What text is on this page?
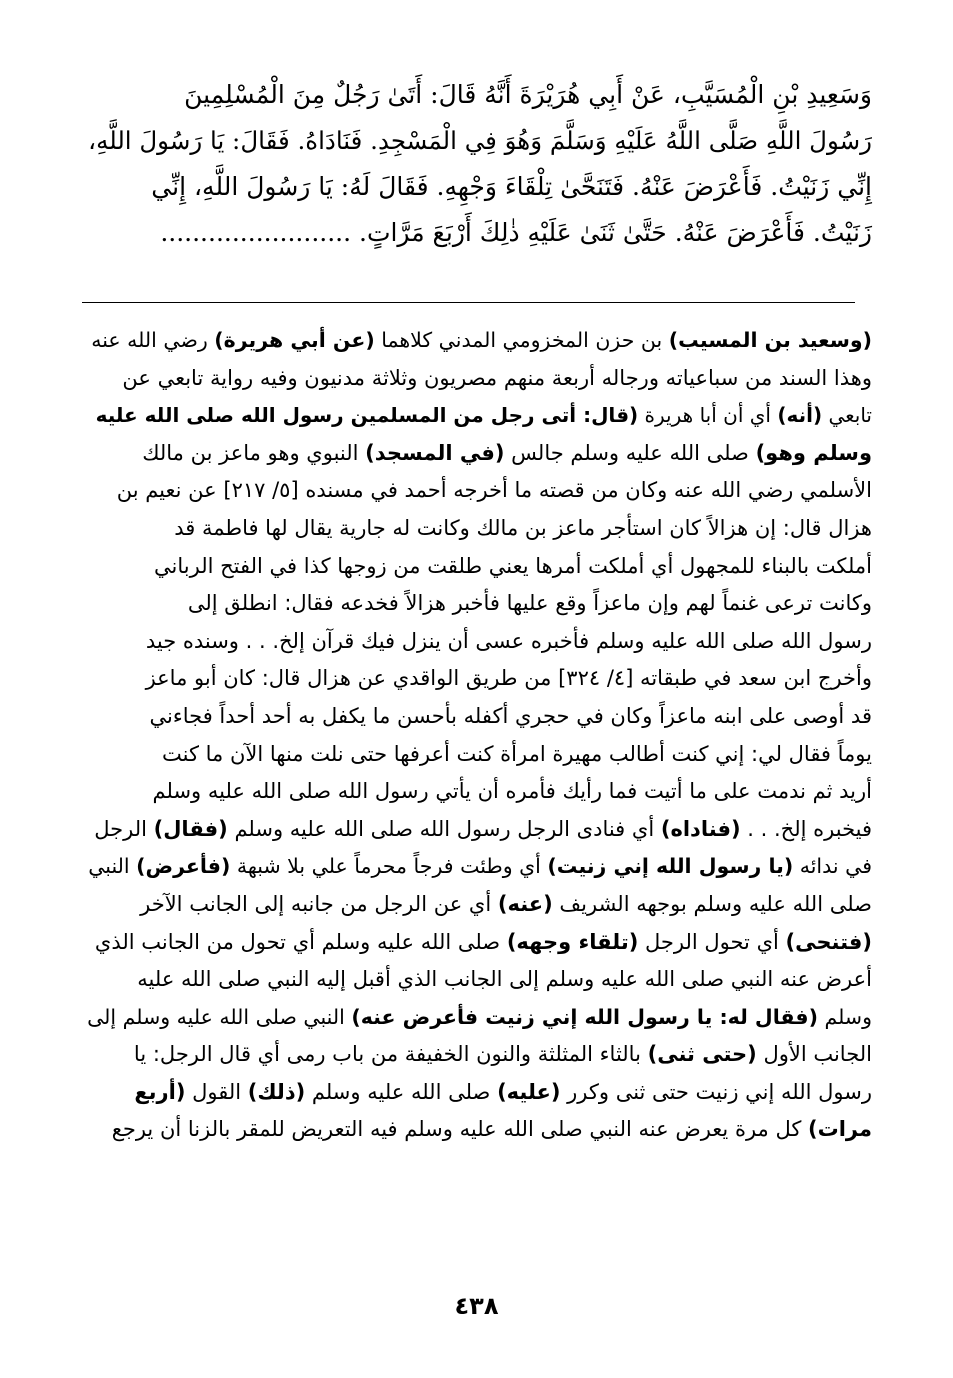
وَسَعِيدِ بْنِ الْمُسَيَّبِ، عَنْ أَبِي هُرَيْرَةَ أَنَّهُ قَالَ: أَتَىٰ رَجُلٌ مِنَ الْمُسْلِمِينَ
رَسُولَ اللَّهِ صَلَّى اللَّهُ عَلَيْهِ وَسَلَّمَ وَهُوَ فِي الْمَسْجِدِ. فَنَادَاهُ. فَقَالَ: يَا رَسُولَ اللَّهِ،
إِنِّي زَنَيْتُ. فَأَعْرَضَ عَنْهُ. فَتَنَحَّىٰ تِلْقَاءَ وَجْهِهِ. فَقَالَ لَهُ: يَا رَسُولَ اللَّهِ، إِنِّي
زَنَيْتُ. فَأَعْرَضَ عَنْهُ. حَتَّىٰ ثَنَىٰ عَلَيْهِ ذٰلِكَ أَرْبَعَ مَرَّاتٍ. ........................
(وسعيد بن المسيب) بن حزن المخزومي المدني كلاهما (عن أبي هريرة) رضي الله عنه
وهذا السند من سباعياته ورجاله أربعة منهم مصريون وثلاثة مدنيون وفيه رواية تابعي عن
تابعي (أنه) أي أن أبا هريرة (قال: أتى رجل من المسلمين رسول الله صلى الله عليه
وسلم وهو) صلى الله عليه وسلم جالس (في المسجد) النبوي وهو ماعز بن مالك
الأسلمي رضي الله عنه وكان من قصته ما أخرجه أحمد في مسنده [٥/ ٢١٧] عن نعيم بن
هزال قال: إن هزالاً كان استأجر ماعز بن مالك وكانت له جارية يقال لها فاطمة قد
أملكت بالبناء للمجهول أي أملكت أمرها يعني طلقت من زوجها كذا في الفتح الرباني
وكانت ترعى غنماً لهم وإن ماعزاً وقع عليها فأخبر هزالاً فخدعه فقال: انطلق إلى
رسول الله صلى الله عليه وسلم فأخبره عسى أن ينزل فيك قرآن إلخ. . . وسنده جيد
وأخرج ابن سعد في طبقاته [٤/ ٣٢٤] من طريق الواقدي عن هزال قال: كان أبو ماعز
قد أوصى على ابنه ماعزاً وكان في حجري أكفله بأحسن ما يكفل به أحد أحداً فجاءني
يوماً فقال لي: إني كنت أطالب مهيرة امرأة كنت أعرفها حتى نلت منها الآن ما كنت
أريد ثم ندمت على ما أتيت فما رأيك فأمره أن يأتي رسول الله صلى الله عليه وسلم
فيخبره إلخ. . . (فناداه) أي فنادى الرجل رسول الله صلى الله عليه وسلم (فقال) الرجل
في ندائه (يا رسول الله إني زنيت) أي وطئت فرجاً محرماً علي بلا شبهة (فأعرض) النبي
صلى الله عليه وسلم بوجهه الشريف (عنه) أي عن الرجل من جانبه إلى الجانب الآخر
(فتنحى) أي تحول الرجل (تلقاء وجهه) صلى الله عليه وسلم أي تحول من الجانب الذي
أعرض عنه النبي صلى الله عليه وسلم إلى الجانب الذي أقبل إليه النبي صلى الله عليه
وسلم (فقال له: يا رسول الله إني زنيت فأعرض عنه) النبي صلى الله عليه وسلم إلى
الجانب الأول (حتى ثنى) بالثاء المثلثة والنون الخفيفة من باب رمى أي قال الرجل: يا
رسول الله إني زنيت حتى ثنى وكرر (عليه) صلى الله عليه وسلم (ذلك) القول (أربع
مرات) كل مرة يعرض عنه النبي صلى الله عليه وسلم فيه التعريض للمقر بالزنا أن يرجع
٤٣٨
